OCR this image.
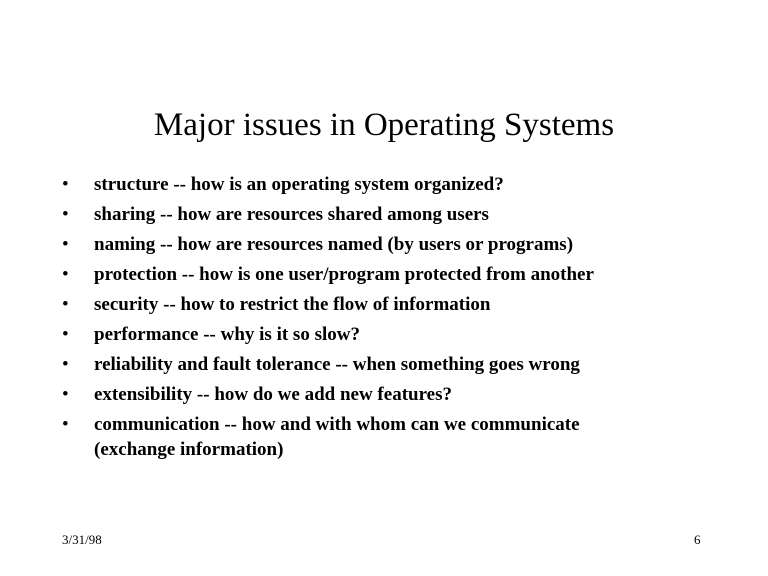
Major issues in Operating Systems
•	structure -- how is an operating system organized?
•	sharing -- how are resources shared among users
•	naming -- how are resources named (by users or programs)
•	protection -- how is one user/program protected from another
•	security -- how to restrict the flow of information
•	performance -- why is it so slow?
•	reliability and fault tolerance -- when something goes wrong
•	extensibility -- how do we add new features?
•	communication -- how and with whom can we communicate (exchange information)
3/31/98	6
